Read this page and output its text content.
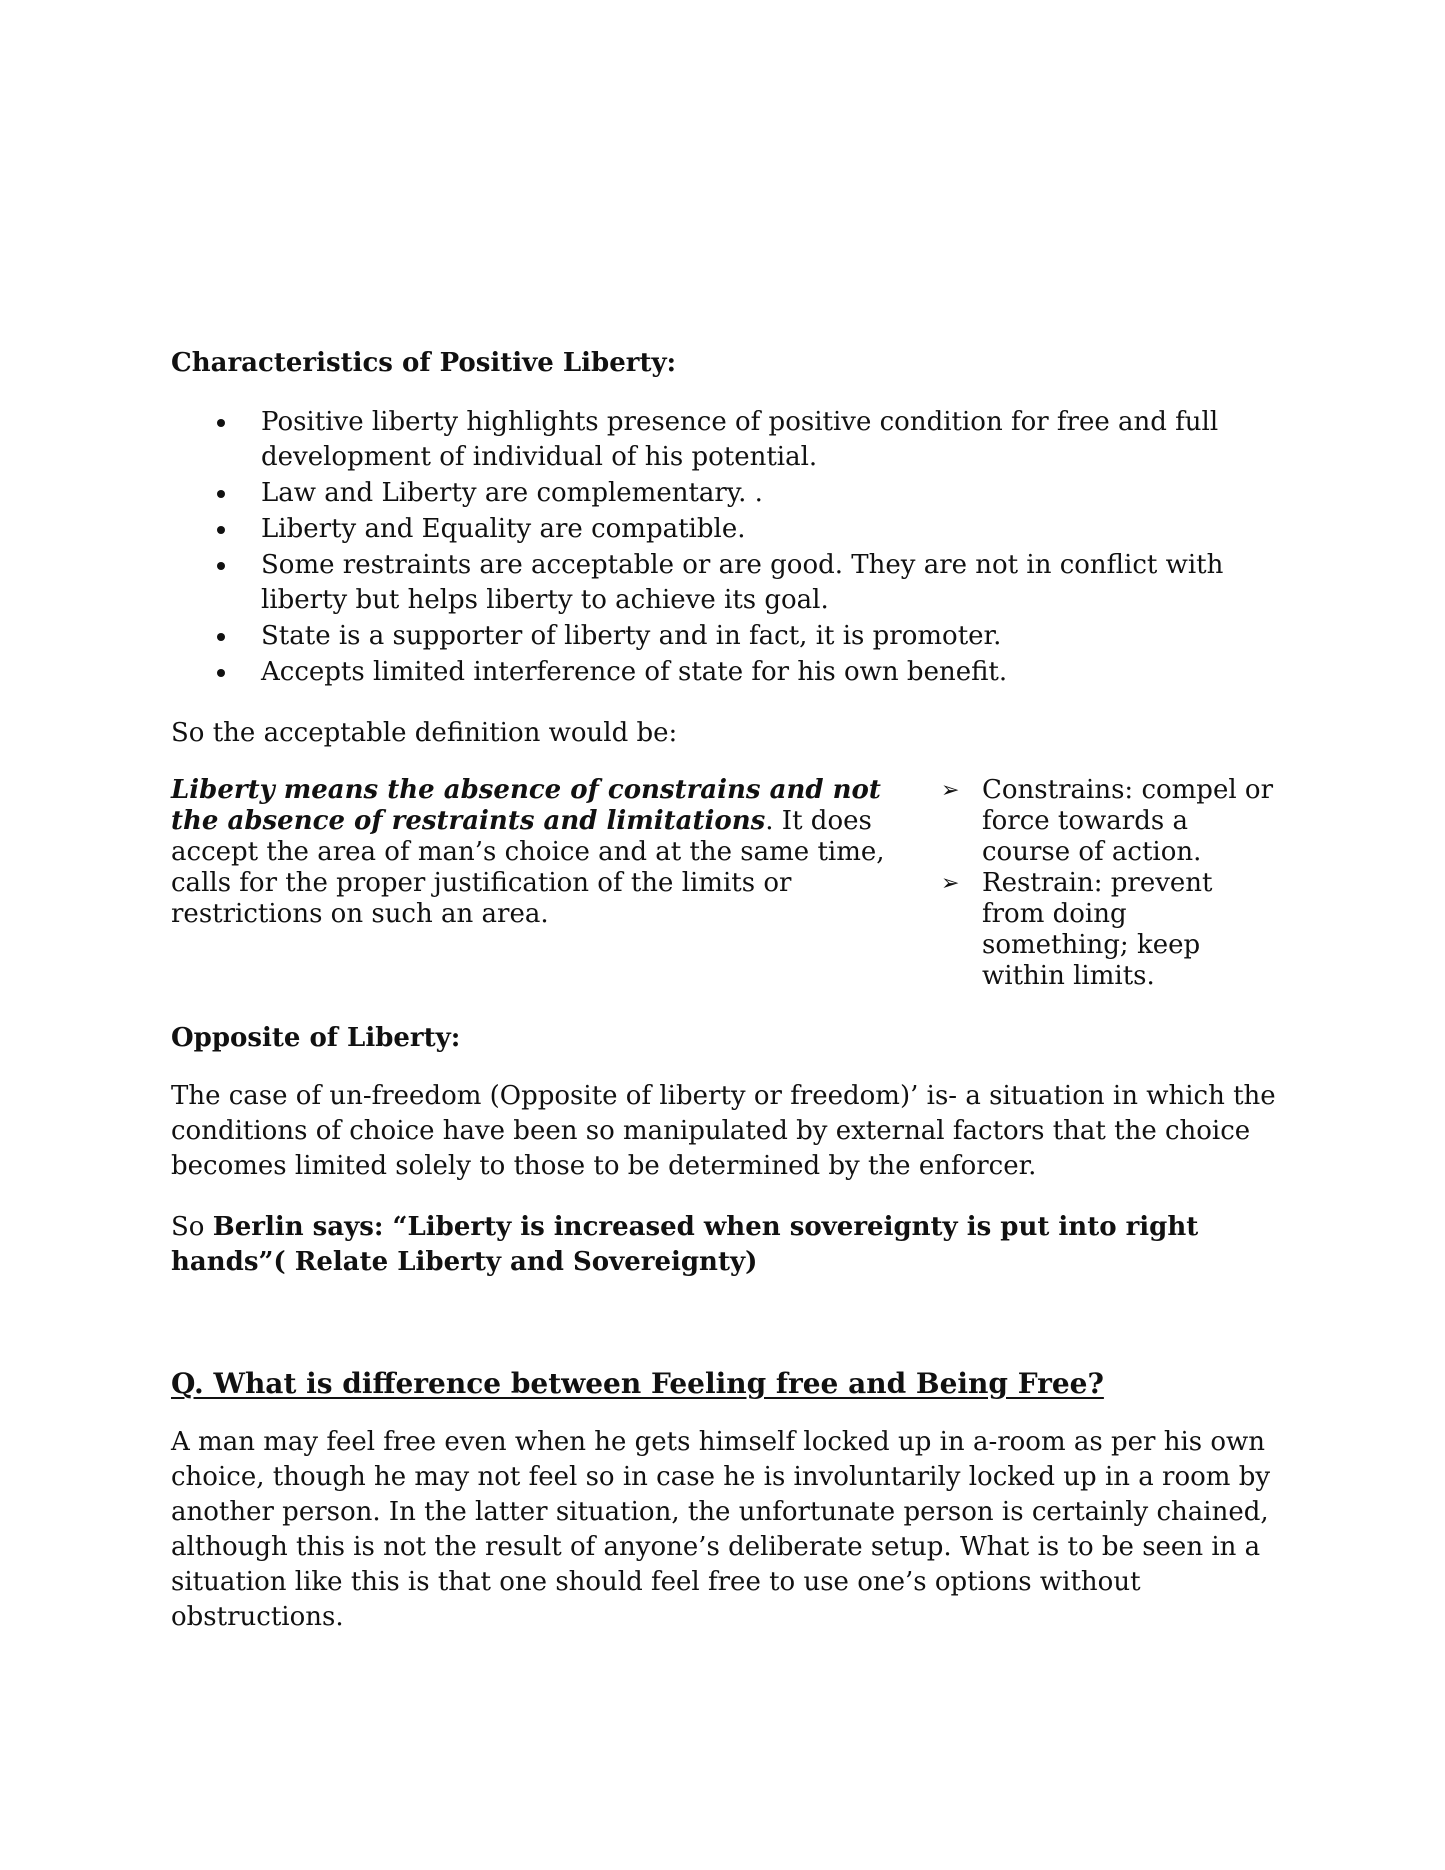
Characteristics of Positive Liberty:
Positive liberty highlights presence of positive condition for free and full development of individual of his potential.
Law and Liberty are complementary. .
Liberty and Equality are compatible.
Some restraints are acceptable or are good. They are not in conflict with liberty but helps liberty to achieve its goal.
State is a supporter of liberty and in fact, it is promoter.
Accepts limited interference of state for his own benefit.

So the acceptable definition would be:

Liberty means the absence of constrains and not the absence of restraints and limitations. It does accept the area of man’s choice and at the same time, calls for the proper justification of the limits or restrictions on such an area.

➢ Constrains: compel or force towards a course of action.
➢ Restrain: prevent from doing something; keep within limits.
Opposite of Liberty:

The case of un-freedom (Opposite of liberty or freedom)’ is- a situation in which the conditions of choice have been so manipulated by external factors that the choice becomes limited solely to those to be determined by the enforcer.

So Berlin says: “Liberty is increased when sovereignty is put into right hands”( Relate Liberty and Sovereignty)

Q. What is difference between Feeling free and Being Free?

A man may feel free even when he gets himself locked up in a-room as per his own choice, though he may not feel so in case he is involuntarily locked up in a room by another person. In the latter situation, the unfortunate person is certainly chained, although this is not the result of anyone’s deliberate setup. What is to be seen in a situation like this is that one should feel free to use one’s options without obstructions.
